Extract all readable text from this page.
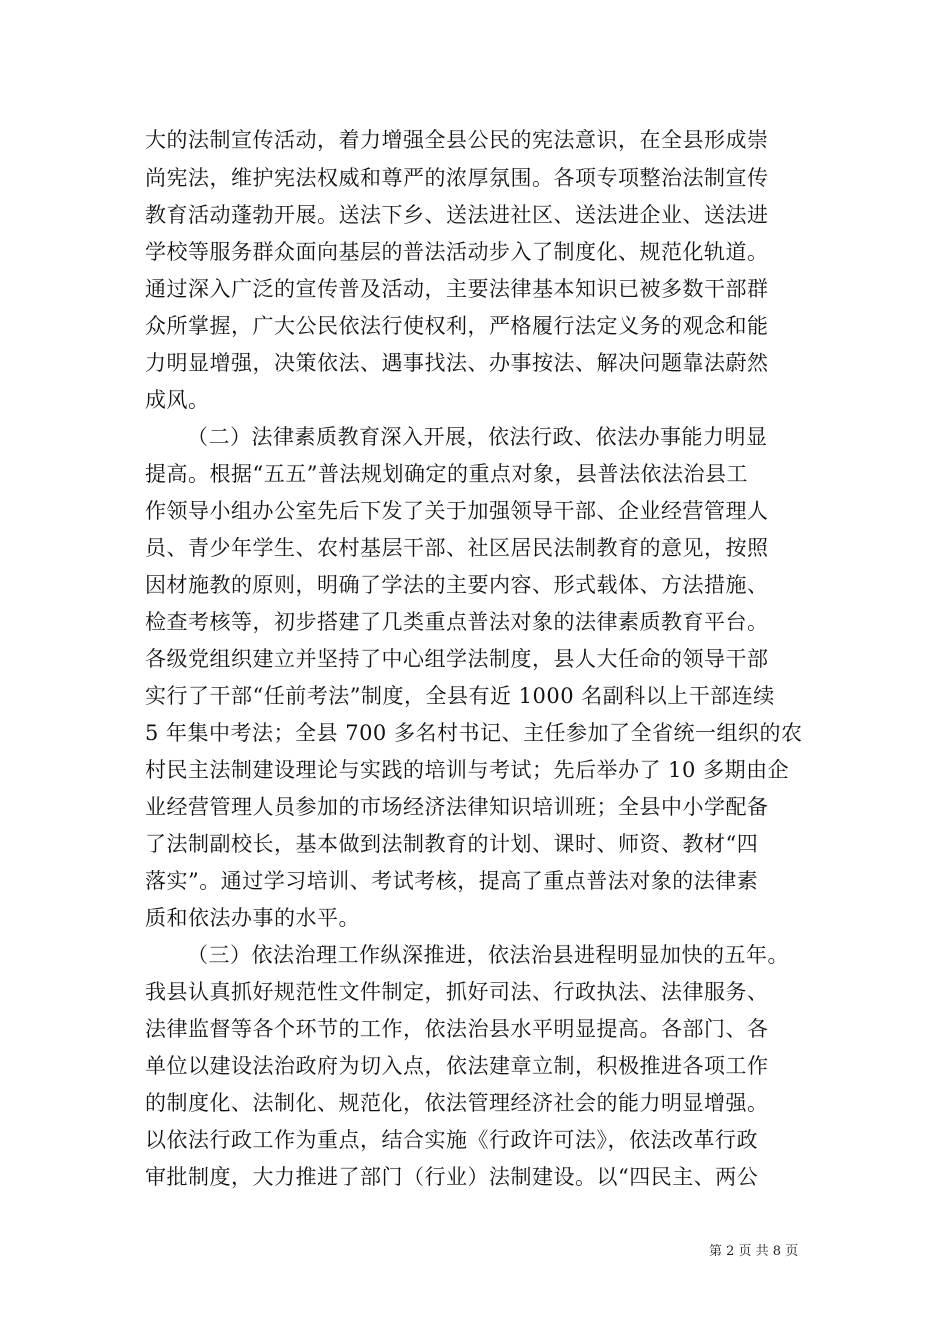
大的法制宣传活动，着力增强全县公民的宪法意识，在全县形成崇
尚宪法，维护宪法权威和尊严的浓厚氛围。各项专项整治法制宣传
教育活动蓬勃开展。送法下乡、送法进社区、送法进企业、送法进
学校等服务群众面向基层的普法活动步入了制度化、规范化轨道。
通过深入广泛的宣传普及活动，主要法律基本知识已被多数干部群
众所掌握，广大公民依法行使权利，严格履行法定义务的观念和能
力明显增强，决策依法、遇事找法、办事按法、解决问题靠法蔚然
成风。
（二）法律素质教育深入开展，依法行政、依法办事能力明显
提高。根据“五五”普法规划确定的重点对象，县普法依法治县工
作领导小组办公室先后下发了关于加强领导干部、企业经营管理人
员、青少年学生、农村基层干部、社区居民法制教育的意见，按照
因材施教的原则，明确了学法的主要内容、形式载体、方法措施、
检查考核等，初步搭建了几类重点普法对象的法律素质教育平台。
各级党组织建立并坚持了中心组学法制度，县人大任命的领导干部
实行了干部“任前考法”制度，全县有近 1000 名副科以上干部连续
5 年集中考法；全县 700 多名村书记、主任参加了全省统一组织的农
村民主法制建设理论与实践的培训与考试；先后举办了 10 多期由企
业经营管理人员参加的市场经济法律知识培训班；全县中小学配备
了法制副校长，基本做到法制教育的计划、课时、师资、教材“四
落实”。通过学习培训、考试考核，提高了重点普法对象的法律素
质和依法办事的水平。
（三）依法治理工作纵深推进，依法治县进程明显加快的五年。
我县认真抓好规范性文件制定，抓好司法、行政执法、法律服务、
法律监督等各个环节的工作，依法治县水平明显提高。各部门、各
单位以建设法治政府为切入点，依法建章立制，积极推进各项工作
的制度化、法制化、规范化，依法管理经济社会的能力明显增强。
以依法行政工作为重点，结合实施《行政许可法》，依法改革行政
审批制度，大力推进了部门（行业）法制建设。以“四民主、两公
第 2 页 共 8 页
